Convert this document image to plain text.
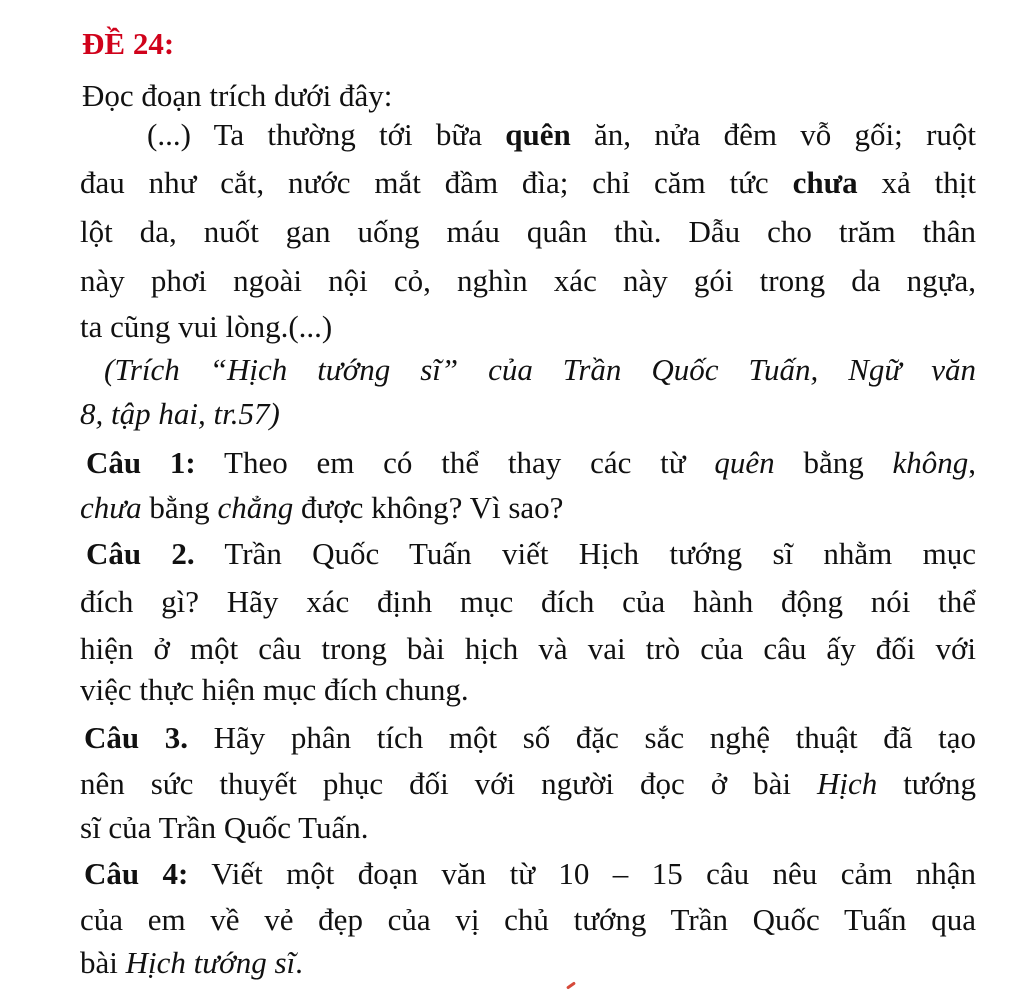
ĐỀ 24:
Đọc đoạn trích dưới đây:
(...) Ta thường tới bữa quên ăn, nửa đêm vỗ gối; ruột
đau như cắt, nước mắt đầm đìa; chỉ căm tức chưa xả thịt
lột da, nuốt gan uống máu quân thù. Dẫu cho trăm thân
này phơi ngoài nội cỏ, nghìn xác này gói trong da ngựa,
ta cũng vui lòng.(...)
(Trích “Hịch tướng sĩ” của Trần Quốc Tuấn, Ngữ văn
8, tập hai, tr.57)
Câu 1: Theo em có thể thay các từ quên bằng không,
chưa bằng chẳng được không? Vì sao?
Câu 2. Trần Quốc Tuấn viết Hịch tướng sĩ nhằm mục
đích gì? Hãy xác định mục đích của hành động nói thể
hiện ở một câu trong bài hịch và vai trò của câu ấy đối với
việc thực hiện mục đích chung.
Câu 3. Hãy phân tích một số đặc sắc nghệ thuật đã tạo
nên sức thuyết phục đối với người đọc ở bài Hịch tướng
sĩ của Trần Quốc Tuấn.
Câu 4: Viết một đoạn văn từ 10 – 15 câu nêu cảm nhận
của em về vẻ đẹp của vị chủ tướng Trần Quốc Tuấn qua
bài Hịch tướng sĩ.
